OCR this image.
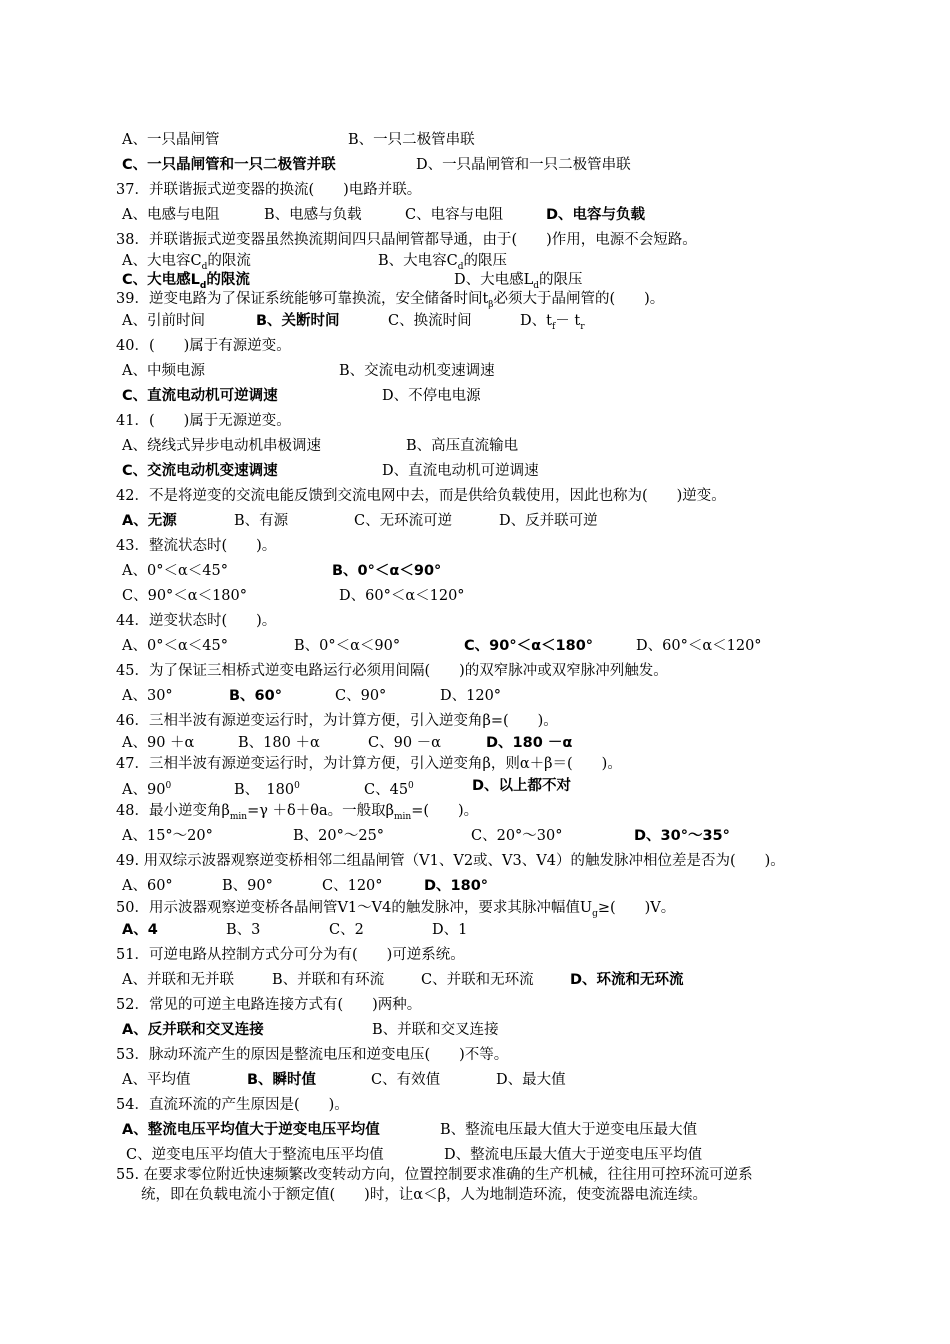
A、一只晶闸管	B、一只二极管串联
C、一只晶闸管和一只二极管并联	D、一只晶闸管和一只二极管串联
37．并联谐振式逆变器的换流(　　)电路并联。
A、电感与电阻	B、电感与负载	C、电容与电阻	D、电容与负载
38．并联谐振式逆变器虽然换流期间四只晶闸管都导通，由于(　　)作用，电源不会短路。
A、大电容$C_d$的限流	B、大电容$C_d$的限压
C、大电感$L_d$的限流	D、大电感$L_d$的限压
39．逆变电路为了保证系统能够可靠换流，安全储备时间$t_\beta$必须大于晶闸管的(　　)。
A、引前时间	B、关断时间	C、换流时间	D、$t_f- t_r$
40．(　　)属于有源逆变。
A、中频电源	B、交流电动机变速调速
C、直流电动机可逆调速	D、不停电电源
41．(　　)属于无源逆变。
A、绕线式异步电动机串极调速	B、高压直流输电
C、交流电动机变速调速	D、直流电动机可逆调速
42．不是将逆变的交流电能反馈到交流电网中去，而是供给负载使用，因此也称为(　　)逆变。
A、无源	B、有源	C、无环流可逆	D、反并联可逆
43．整流状态时(　　)。
A、0°＜α＜45°	B、0°＜α＜90°
C、90°＜α＜180°	D、60°＜α＜120°
44．逆变状态时(　　)。
A、0°＜α＜45°	B、0°＜α＜90°	C、90°＜α＜180°	D、60°＜α＜120°
45．为了保证三相桥式逆变电路运行必须用间隔(　　)的双窄脉冲或双窄脉冲列触发。
A、30°	B、60°	C、90°	D、120°
46．三相半波有源逆变运行时，为计算方便，引入逆变角β=(　　)。
A、90 ＋α	B、180 ＋α	C、90 －α	D、180 －α
47．三相半波有源逆变运行时，为计算方便，引入逆变角β，则α＋β＝(　　)。
A、$90^0$	B、　$180^0$	C、$45^0$	D、以上都不对
48．最小逆变角$\beta_{min}=\gamma +\delta+\theta a$。一般取$\beta_{min}=$(　　)。
A、15°～20°	B、20°～25°	C、20°～30°	D、30°～35°
49. 用双综示波器观察逆变桥相邻二组晶闸管（V1、V2或、V3、V4）的触发脉冲相位差是否为(　　)。
A、60°	B、90°	C、120°	D、180°
50．用示波器观察逆变桥各晶闸管V1～V4的触发脉冲，要求其脉冲幅值$U_g\ge$(　　)V。
A、4	B、3	C、2	D、1
51．可逆电路从控制方式分可分为有(　　)可逆系统。
A、并联和无并联	B、并联和有环流	C、并联和无环流	D、环流和无环流
52．常见的可逆主电路连接方式有(　　)两种。
A、反并联和交叉连接	B、并联和交叉连接
53．脉动环流产生的原因是整流电压和逆变电压(　　)不等。
A、平均值	B、瞬时值	C、有效值	D、最大值
54．直流环流的产生原因是(　　)。
A、整流电压平均值大于逆变电压平均值	B、整流电压最大值大于逆变电压最大值
C、逆变电压平均值大于整流电压平均值	D、整流电压最大值大于逆变电压平均值
55. 在要求零位附近快速频繁改变转动方向，位置控制要求准确的生产机械，往往用可控环流可逆系
统，即在负载电流小于额定值(　　)时，让α＜β，人为地制造环流，使变流器电流连续。
